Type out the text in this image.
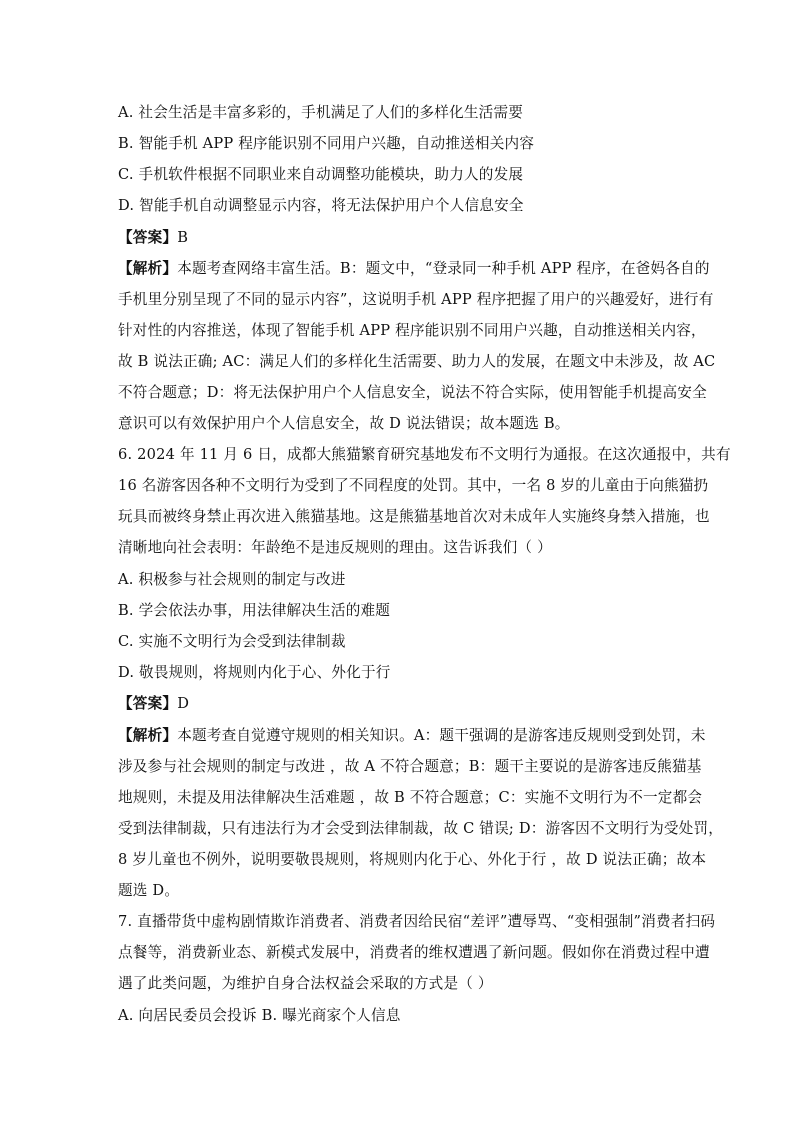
A. 社会生活是丰富多彩的，手机满足了人们的多样化生活需要
B. 智能手机 APP 程序能识别不同用户兴趣，自动推送相关内容
C. 手机软件根据不同职业来自动调整功能模块，助力人的发展
D. 智能手机自动调整显示内容，将无法保护用户个人信息安全
【答案】B
【解析】本题考查网络丰富生活。B：题文中，“登录同一种手机 APP 程序，在爸妈各自的
手机里分别呈现了不同的显示内容”，这说明手机 APP 程序把握了用户的兴趣爱好，进行有
针对性的内容推送，体现了智能手机 APP 程序能识别不同用户兴趣，自动推送相关内容，
故 B 说法正确; AC：满足人们的多样化生活需要、助力人的发展，在题文中未涉及，故 AC
不符合题意；D：将无法保护用户个人信息安全，说法不符合实际，使用智能手机提高安全
意识可以有效保护用户个人信息安全，故 D 说法错误；故本题选 B。
6. 2024 年 11 月 6 日，成都大熊猫繁育研究基地发布不文明行为通报。在这次通报中，共有
16 名游客因各种不文明行为受到了不同程度的处罚。其中，一名 8 岁的儿童由于向熊猫扔
玩具而被终身禁止再次进入熊猫基地。这是熊猫基地首次对未成年人实施终身禁入措施，也
清晰地向社会表明：年龄绝不是违反规则的理由。这告诉我们（ ）
A. 积极参与社会规则的制定与改进
B. 学会依法办事，用法律解决生活的难题
C. 实施不文明行为会受到法律制裁
D. 敬畏规则，将规则内化于心、外化于行
【答案】D
【解析】本题考查自觉遵守规则的相关知识。A：题干强调的是游客违反规则受到处罚，未
涉及参与社会规则的制定与改进 ，故 A 不符合题意；B：题干主要说的是游客违反熊猫基
地规则，未提及用法律解决生活难题 ，故 B 不符合题意；C：实施不文明行为不一定都会
受到法律制裁，只有违法行为才会受到法律制裁，故 C 错误; D：游客因不文明行为受处罚，
8 岁儿童也不例外，说明要敬畏规则，将规则内化于心、外化于行 ，故 D 说法正确；故本
题选 D。
7. 直播带货中虚构剧情欺诈消费者、消费者因给民宿“差评”遭辱骂、“变相强制”消费者扫码
点餐等，消费新业态、新模式发展中，消费者的维权遭遇了新问题。假如你在消费过程中遭
遇了此类问题，为维护自身合法权益会采取的方式是（ ）
A. 向居民委员会投诉 B. 曝光商家个人信息
